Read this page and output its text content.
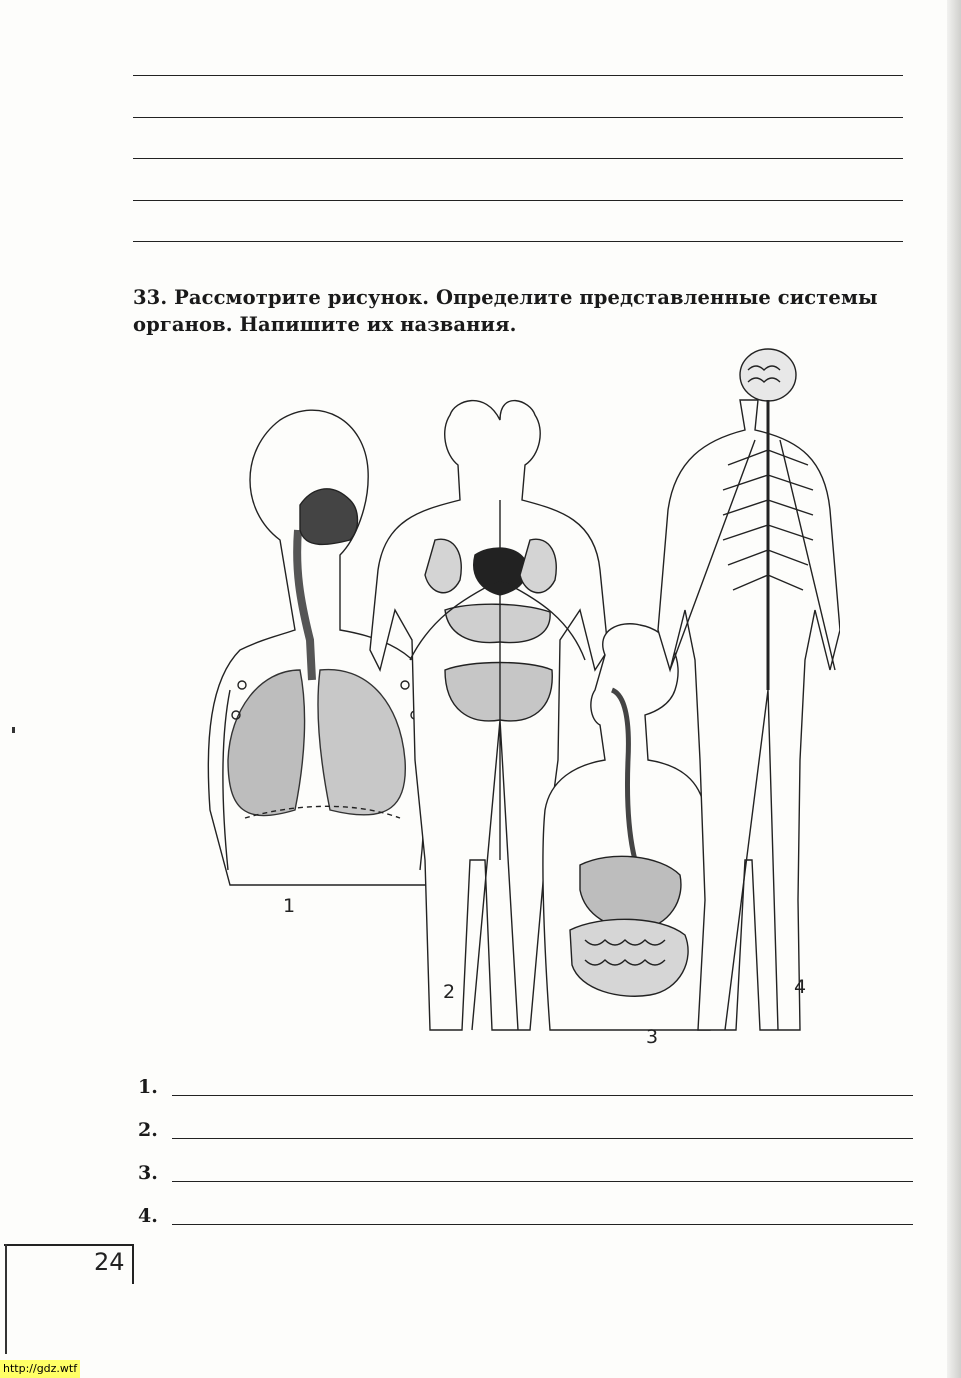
33. Рассмотрите рисунок. Определите представленные системы органов. Напишите их названия.
1
2
3
4
1.
2.
3.
4.
24
http://gdz.wtf
